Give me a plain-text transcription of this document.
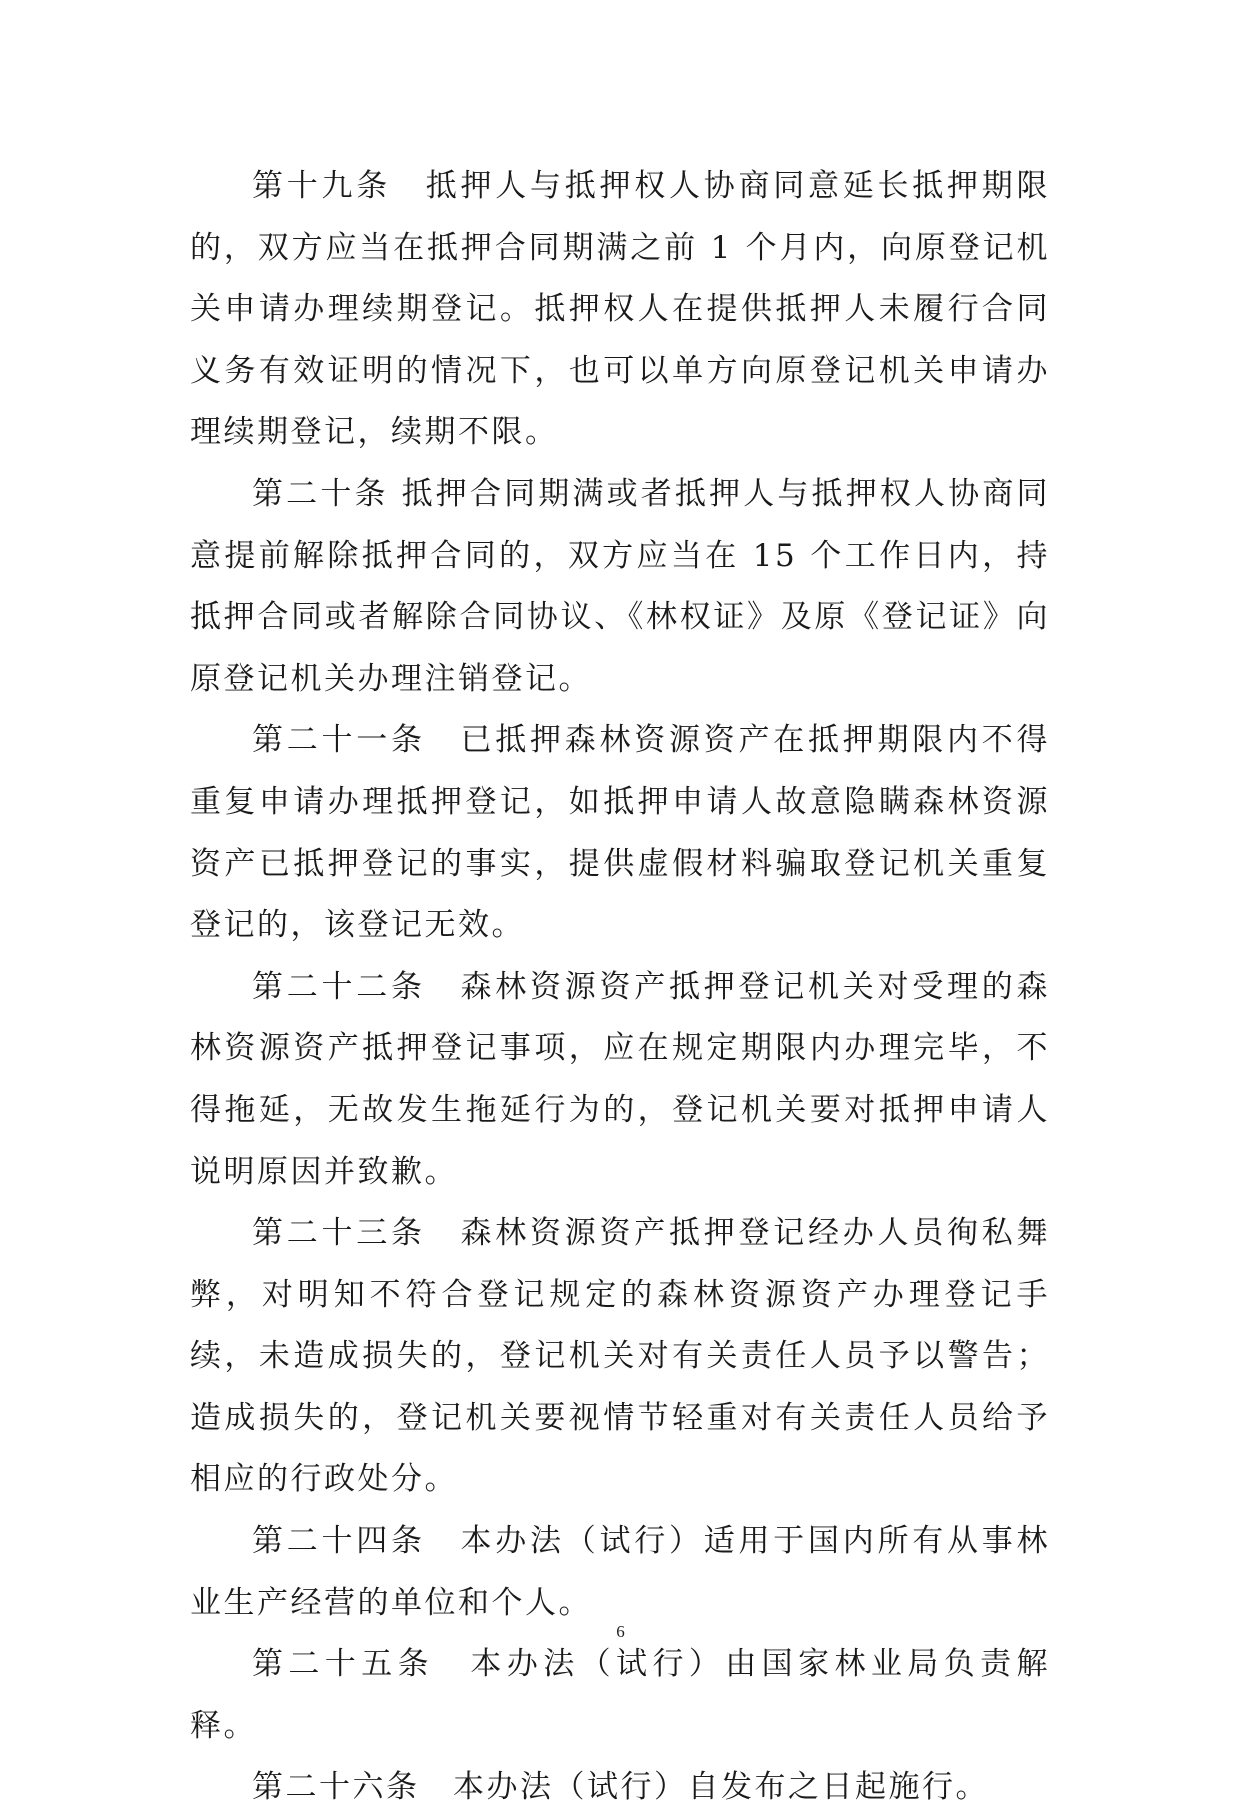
第十九条　抵押人与抵押权人协商同意延长抵押期限的，双方应当在抵押合同期满之前 1 个月内，向原登记机关申请办理续期登记。抵押权人在提供抵押人未履行合同义务有效证明的情况下，也可以单方向原登记机关申请办理续期登记，续期不限。

第二十条 抵押合同期满或者抵押人与抵押权人协商同意提前解除抵押合同的，双方应当在 15 个工作日内，持抵押合同或者解除合同协议、《林权证》及原《登记证》向原登记机关办理注销登记。

第二十一条　已抵押森林资源资产在抵押期限内不得重复申请办理抵押登记，如抵押申请人故意隐瞒森林资源资产已抵押登记的事实，提供虚假材料骗取登记机关重复登记的，该登记无效。

第二十二条　森林资源资产抵押登记机关对受理的森林资源资产抵押登记事项，应在规定期限内办理完毕，不得拖延，无故发生拖延行为的，登记机关要对抵押申请人说明原因并致歉。

第二十三条　森林资源资产抵押登记经办人员徇私舞弊，对明知不符合登记规定的森林资源资产办理登记手续，未造成损失的，登记机关对有关责任人员予以警告；造成损失的，登记机关要视情节轻重对有关责任人员给予相应的行政处分。

第二十四条　本办法（试行）适用于国内所有从事林业生产经营的单位和个人。

第二十五条　本办法（试行）由国家林业局负责解释。

第二十六条　本办法（试行）自发布之日起施行。

6
